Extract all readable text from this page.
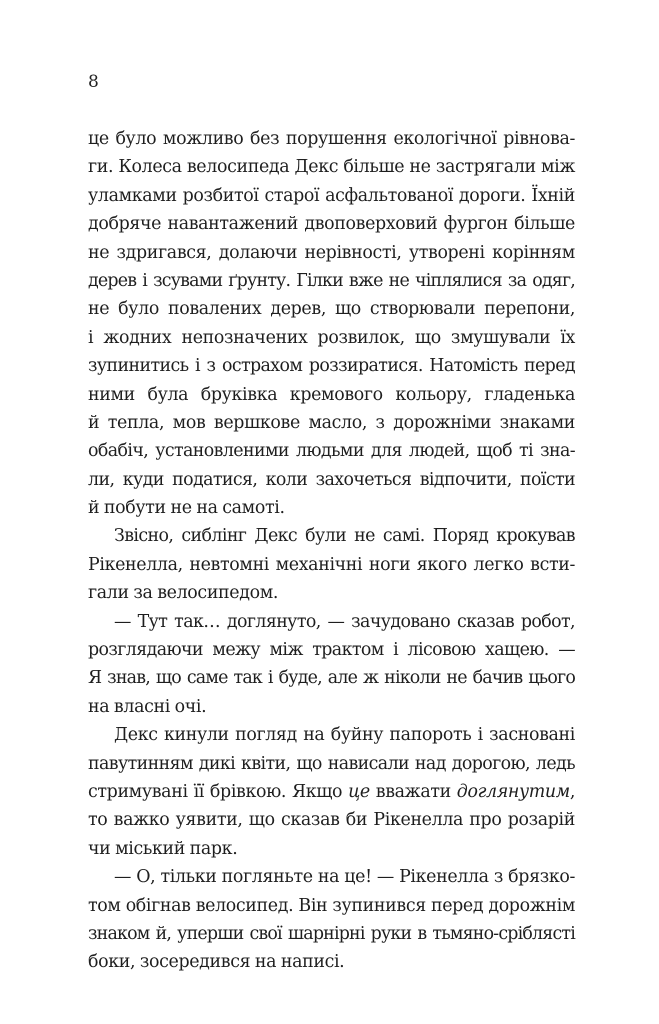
8
це було можливо без порушення екологічної рівнова-
ги. Колеса велосипеда Декс більше не застрягали між
уламками розбитої старої асфальтованої дороги. Їхній
добряче навантажений двоповерховий фургон більше
не здригався, долаючи нерівності, утворені корінням
дерев і зсувами ґрунту. Гілки вже не чіплялися за одяг,
не було повалених дерев, що створювали перепони,
і жодних непозначених розвилок, що змушували їх
зупинитись і з острахом роззиратися. Натомість перед
ними була бруківка кремового кольору, гладенька
й тепла, мов вершкове масло, з дорожніми знаками
обабіч, установленими людьми для людей, щоб ті зна-
ли, куди податися, коли захочеться відпочити, поїсти
й побути не на самоті.
Звісно, сиблінг Декс були не самі. Поряд крокував
Рікенелла, невтомні механічні ноги якого легко всти-
гали за велосипедом.
— Тут так… доглянуто, — зачудовано сказав робот,
розглядаючи межу між трактом і лісовою хащею. —
Я знав, що саме так і буде, але ж ніколи не бачив цього
на власні очі.
Декс кинули погляд на буйну папороть і засновані
павутинням дикі квіти, що нависали над дорогою, ледь
стримувані її брівкою. Якщо це вважати доглянутим,
то важко уявити, що сказав би Рікенелла про розарій
чи міський парк.
— О, тільки погляньте на це! — Рікенелла з брязко-
том обігнав велосипед. Він зупинився перед дорожнім
знаком й, уперши свої шарнірні руки в тьмяно-сріблясті
боки, зосередився на написі.
